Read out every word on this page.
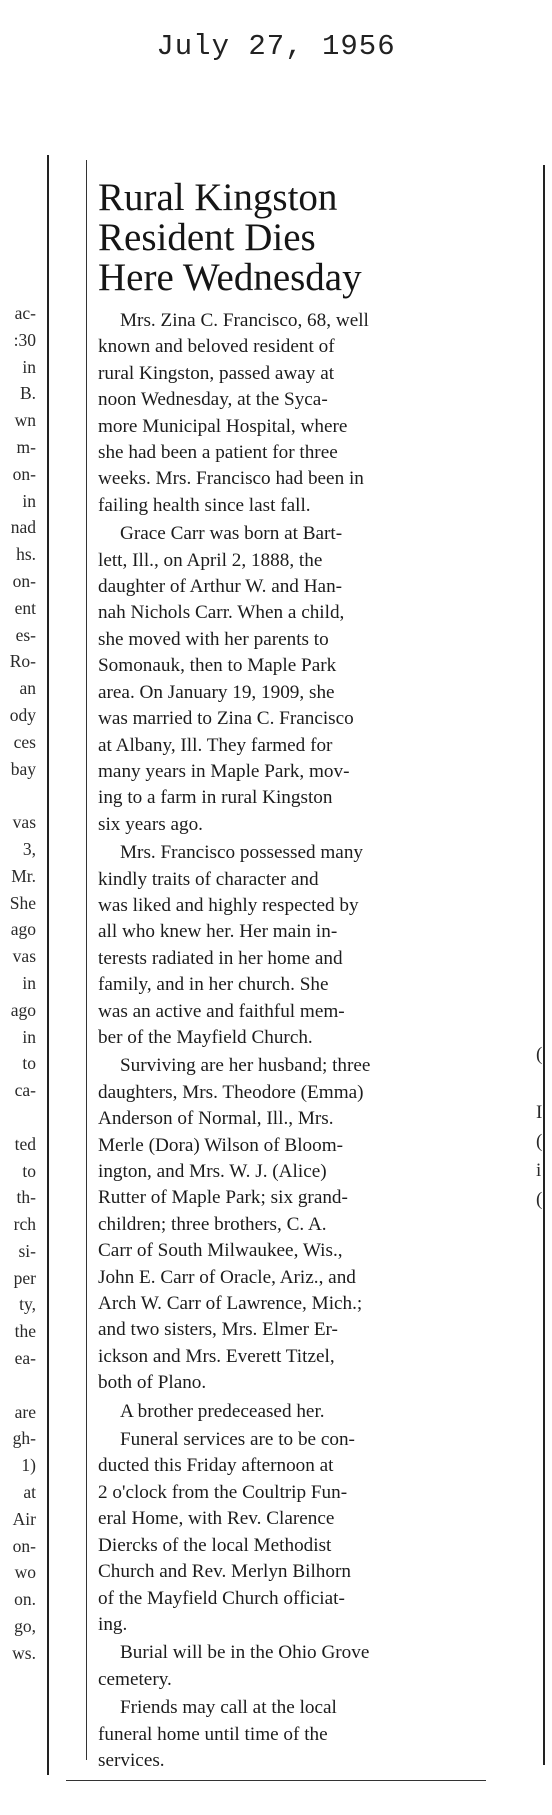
July 27, 1956
ac-
:30
in
B.
wn
m-
on-
in
nad
hs.
on-
ent
es-
Ro-
an
ody
ces
bay
vas
3,
Mr.
She
ago
vas
in
ago
in
to
ca-
ted
to
th-
rch
si-
per
ty,
the
ea-
are
gh-
1)
at
Air
on-
wo
on.
go,
ws.
(
I
(
i
(
Rural Kingston
Resident Dies
Here Wednesday

Mrs. Zina C. Francisco, 68, well
known and beloved resident of
rural Kingston, passed away at
noon Wednesday, at the Syca-
more Municipal Hospital, where
she had been a patient for three
weeks. Mrs. Francisco had been in
failing health since last fall.

Grace Carr was born at Bart-
lett, Ill., on April 2, 1888, the
daughter of Arthur W. and Han-
nah Nichols Carr. When a child,
she moved with her parents to
Somonauk, then to Maple Park
area. On January 19, 1909, she
was married to Zina C. Francisco
at Albany, Ill. They farmed for
many years in Maple Park, mov-
ing to a farm in rural Kingston
six years ago.

Mrs. Francisco possessed many
kindly traits of character and
was liked and highly respected by
all who knew her. Her main in-
terests radiated in her home and
family, and in her church. She
was an active and faithful mem-
ber of the Mayfield Church.

Surviving are her husband; three
daughters, Mrs. Theodore (Emma)
Anderson of Normal, Ill., Mrs.
Merle (Dora) Wilson of Bloom-
ington, and Mrs. W. J. (Alice)
Rutter of Maple Park; six grand-
children; three brothers, C. A.
Carr of South Milwaukee, Wis.,
John E. Carr of Oracle, Ariz., and
Arch W. Carr of Lawrence, Mich.;
and two sisters, Mrs. Elmer Er-
ickson and Mrs. Everett Titzel,
both of Plano.

A brother predeceased her.

Funeral services are to be con-
ducted this Friday afternoon at
2 o'clock from the Coultrip Fun-
eral Home, with Rev. Clarence
Diercks of the local Methodist
Church and Rev. Merlyn Bilhorn
of the Mayfield Church officiat-
ing.

Burial will be in the Ohio Grove
cemetery.

Friends may call at the local
funeral home until time of the
services.
